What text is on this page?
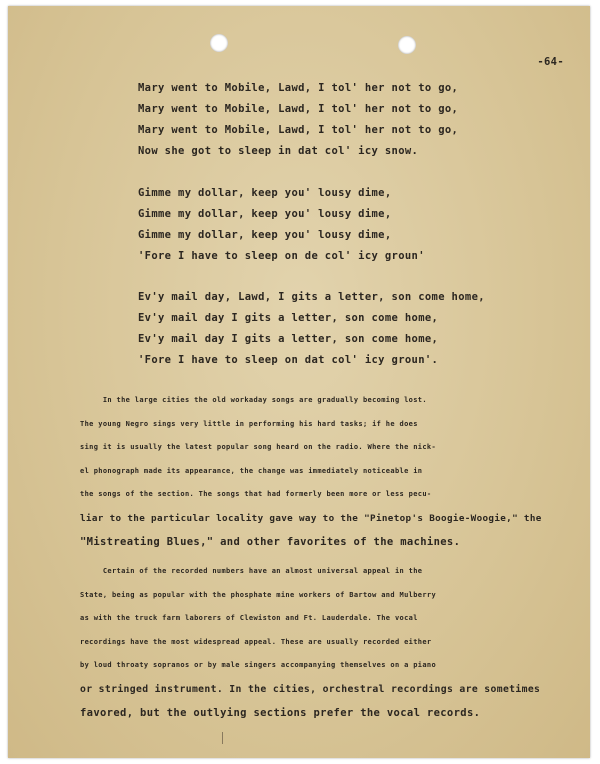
-64-
Mary went to Mobile, Lawd, I tol' her not to go,
Mary went to Mobile, Lawd, I tol' her not to go,
Mary went to Mobile, Lawd, I tol' her not to go,
Now she got to sleep in dat col' icy snow.
Gimme my dollar, keep you' lousy dime,
Gimme my dollar, keep you' lousy dime,
Gimme my dollar, keep you' lousy dime,
'Fore I have to sleep on de col' icy groun'
Ev'y mail day, Lawd, I gits a letter, son come home,
Ev'y mail day I gits a letter, son come home,
Ev'y mail day I gits a letter, son come home,
'Fore I have to sleep on dat col' icy groun'.
In the large cities the old workaday songs are gradually becoming lost.
The young Negro sings very little in performing his hard tasks; if he does
sing it is usually the latest popular song heard on the radio. Where the nick-
el phonograph made its appearance, the change was immediately noticeable in
the songs of the section. The songs that had formerly been more or less pecu-
liar to the particular locality gave way to the "Pinetop's Boogie-Woogie," the
"Mistreating Blues," and other favorites of the machines.
Certain of the recorded numbers have an almost universal appeal in the
State, being as popular with the phosphate mine workers of Bartow and Mulberry
as with the truck farm laborers of Clewiston and Ft. Lauderdale. The vocal
recordings have the most widespread appeal. These are usually recorded either
by loud throaty sopranos or by male singers accompanying themselves on a piano
or stringed instrument. In the cities, orchestral recordings are sometimes
favored, but the outlying sections prefer the vocal records.
